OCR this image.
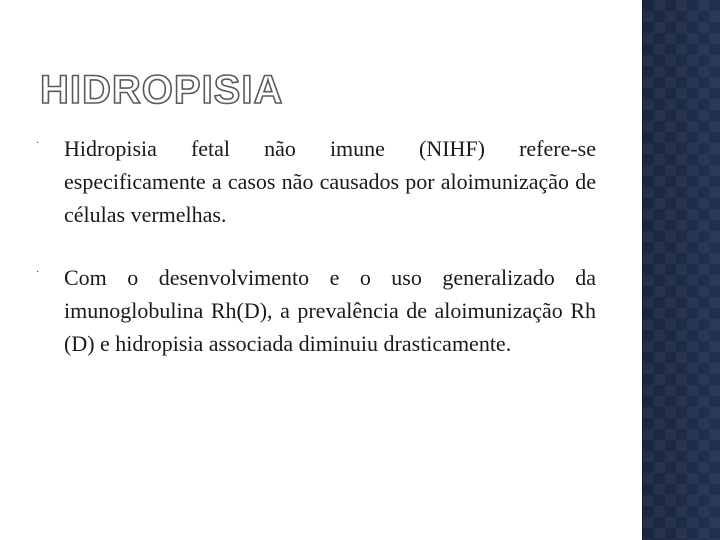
HIDROPISIA
· Hidropisia fetal não imune (NIHF) refere-se especificamente a casos não causados por aloimunização de células vermelhas.
· Com o desenvolvimento e o uso generalizado da imunoglobulina Rh(D), a prevalência de aloimunização Rh (D) e hidropisia associada diminuiu drasticamente.
